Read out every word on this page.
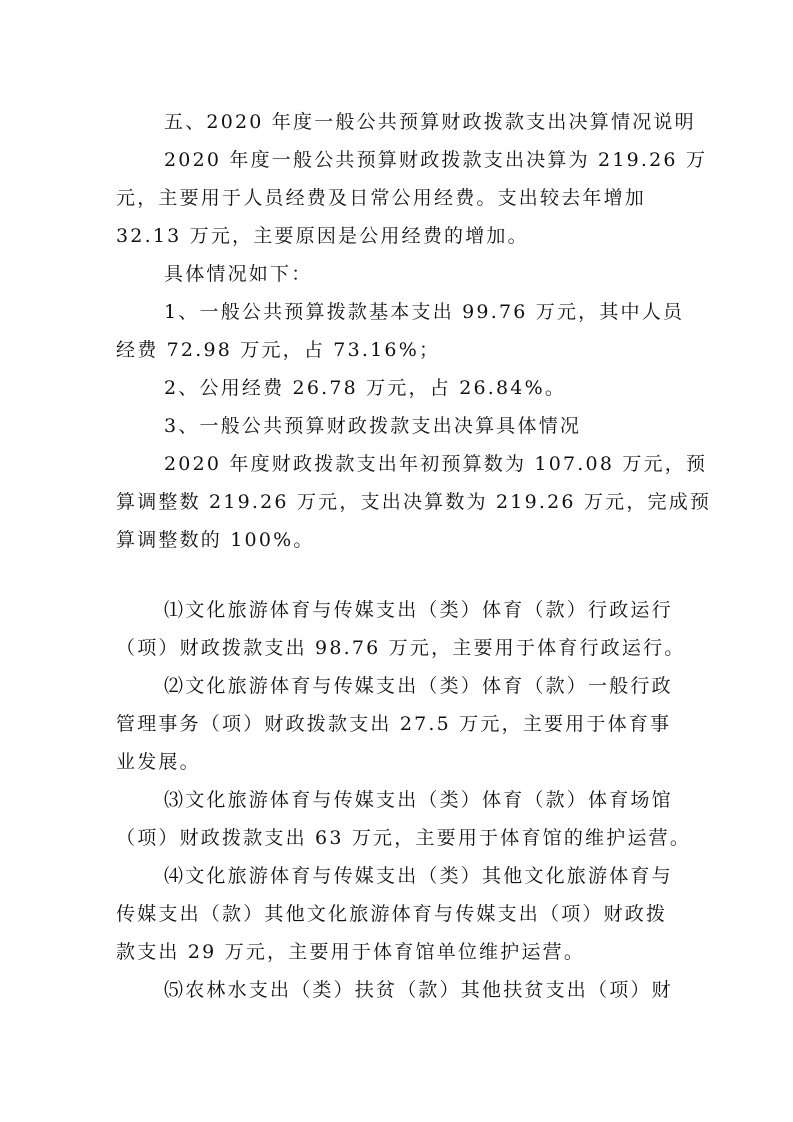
五、2020 年度一般公共预算财政拨款支出决算情况说明
2020 年度一般公共预算财政拨款支出决算为 219.26 万
元，主要用于人员经费及日常公用经费。支出较去年增加
32.13 万元，主要原因是公用经费的增加。
具体情况如下：
1、一般公共预算拨款基本支出 99.76 万元，其中人员
经费 72.98 万元，占 73.16%；
2、公用经费 26.78 万元，占 26.84%。
3、一般公共预算财政拨款支出决算具体情况
2020 年度财政拨款支出年初预算数为 107.08 万元，预
算调整数 219.26 万元，支出决算数为 219.26 万元，完成预
算调整数的 100%。
⑴文化旅游体育与传媒支出（类）体育（款）行政运行
（项）财政拨款支出 98.76 万元，主要用于体育行政运行。
⑵文化旅游体育与传媒支出（类）体育（款）一般行政
管理事务（项）财政拨款支出 27.5 万元，主要用于体育事
业发展。
⑶文化旅游体育与传媒支出（类）体育（款）体育场馆
（项）财政拨款支出 63 万元，主要用于体育馆的维护运营。
⑷文化旅游体育与传媒支出（类）其他文化旅游体育与
传媒支出（款）其他文化旅游体育与传媒支出（项）财政拨
款支出 29 万元，主要用于体育馆单位维护运营。
⑸农林水支出（类）扶贫（款）其他扶贫支出（项）财
